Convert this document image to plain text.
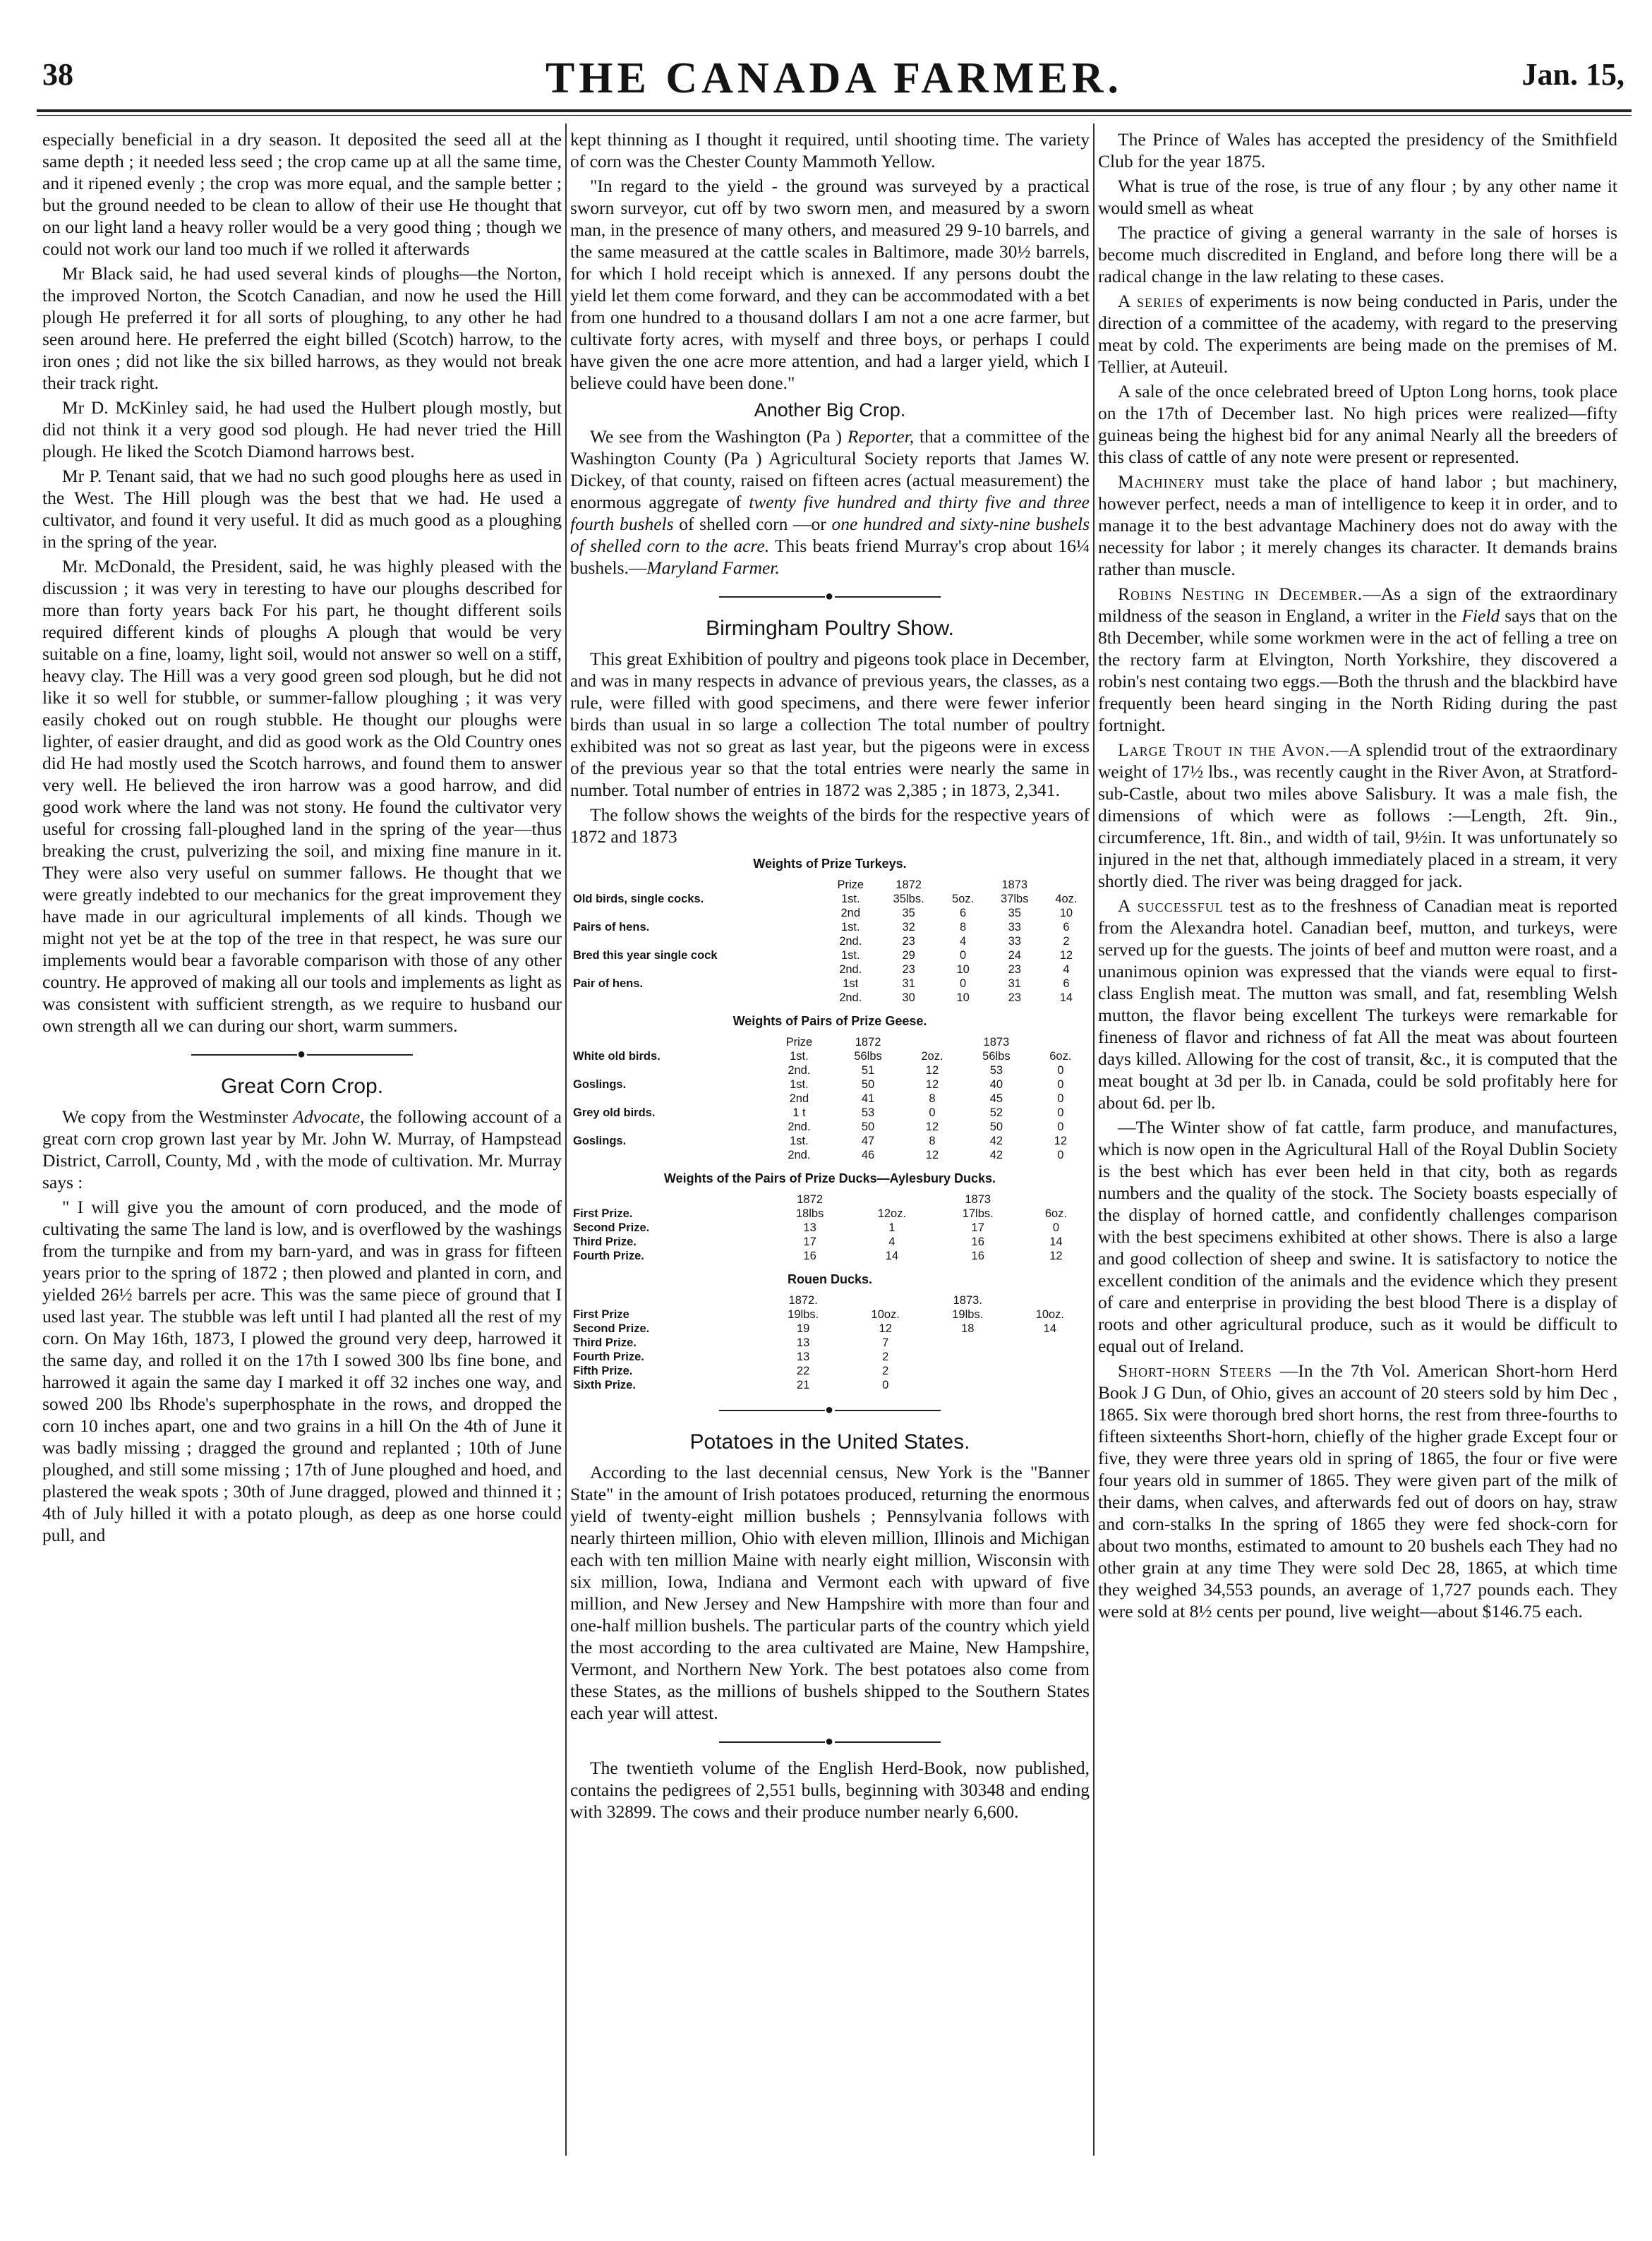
38	THE CANADA FARMER.	Jan. 15,

especially beneficial in a dry season. It deposited the seed all at the same depth ; it needed less seed ; the crop came up at all the same time, and it ripened evenly ; the crop was more equal, and the sample better ; but the ground needed to be clean to allow of their use He thought that on our light land a heavy roller would be a very good thing ; though we could not work our land too much if we rolled it afterwards

Mr Black said, he had used several kinds of ploughs—the Norton, the improved Norton, the Scotch Canadian, and now he used the Hill plough He preferred it for all sorts of ploughing, to any other he had seen around here. He preferred the eight billed (Scotch) harrow, to the iron ones ; did not like the six billed harrows, as they would not break their track right.

Mr D. McKinley said, he had used the Hulbert plough mostly, but did not think it a very good sod plough. He had never tried the Hill plough. He liked the Scotch Diamond harrows best.

Mr P. Tenant said, that we had no such good ploughs here as used in the West. The Hill plough was the best that we had. He used a cultivator, and found it very useful. It did as much good as a ploughing in the spring of the year.

Mr. McDonald, the President, said, he was highly pleased with the discussion ; it was very in teresting to have our ploughs described for more than forty years back For his part, he thought different soils required different kinds of ploughs A plough that would be very suitable on a fine, loamy, light soil, would not answer so well on a stiff, heavy clay. The Hill was a very good green sod plough, but he did not like it so well for stubble, or summer-fallow ploughing ; it was very easily choked out on rough stubble. He thought our ploughs were lighter, of easier draught, and did as good work as the Old Country ones did He had mostly used the Scotch harrows, and found them to answer very well. He believed the iron harrow was a good harrow, and did good work where the land was not stony. He found the cultivator very useful for crossing fall-ploughed land in the spring of the year—thus breaking the crust, pulverizing the soil, and mixing fine manure in it. They were also very useful on summer fallows. He thought that we were greatly indebted to our mechanics for the great improvement they have made in our agricultural implements of all kinds. Though we might not yet be at the top of the tree in that respect, he was sure our implements would bear a favorable comparison with those of any other country. He approved of making all our tools and implements as light as was consistent with sufficient strength, as we require to husband our own strength all we can during our short, warm summers.

●
Great Corn Crop.

We copy from the Westminster Advocate, the following account of a great corn crop grown last year by Mr. John W. Murray, of Hampstead District, Carroll, County, Md , with the mode of cultivation. Mr. Murray says :

" I will give you the amount of corn produced, and the mode of cultivating the same The land is low, and is overflowed by the washings from the turnpike and from my barn-yard, and was in grass for fifteen years prior to the spring of 1872 ; then plowed and planted in corn, and yielded 26½ barrels per acre. This was the same piece of ground that I used last year. The stubble was left until I had planted all the rest of my corn. On May 16th, 1873, I plowed the ground very deep, harrowed it the same day, and rolled it on the 17th I sowed 300 lbs fine bone, and harrowed it again the same day I marked it off 32 inches one way, and sowed 200 lbs Rhode's superphosphate in the rows, and dropped the corn 10 inches apart, one and two grains in a hill On the 4th of June it was badly missing ; dragged the ground and replanted ; 10th of June ploughed, and still some missing ; 17th of June ploughed and hoed, and plastered the weak spots ; 30th of June dragged, plowed and thinned it ; 4th of July hilled it with a potato plough, as deep as one horse could pull, and

kept thinning as I thought it required, until shooting time. The variety of corn was the Chester County Mammoth Yellow.

"In regard to the yield - the ground was surveyed by a practical sworn surveyor, cut off by two sworn men, and measured by a sworn man, in the presence of many others, and measured 29 9-10 barrels, and the same measured at the cattle scales in Baltimore, made 30½ barrels, for which I hold receipt which is annexed. If any persons doubt the yield let them come forward, and they can be accommodated with a bet from one hundred to a thousand dollars I am not a one acre farmer, but cultivate forty acres, with myself and three boys, or perhaps I could have given the one acre more attention, and had a larger yield, which I believe could have been done."

Another Big Crop.

We see from the Washington (Pa ) Reporter, that a committee of the Washington County (Pa ) Agricultural Society reports that James W. Dickey, of that county, raised on fifteen acres (actual measurement) the enormous aggregate of twenty five hundred and thirty five and three fourth bushels of shelled corn —or one hundred and sixty-nine bushels of shelled corn to the acre. This beats friend Murray's crop about 16¼ bushels.—Maryland Farmer.

●
Birmingham Poultry Show.

This great Exhibition of poultry and pigeons took place in December, and was in many respects in advance of previous years, the classes, as a rule, were filled with good specimens, and there were fewer inferior birds than usual in so large a collection The total number of poultry exhibited was not so great as last year, but the pigeons were in excess of the previous year so that the total entries were nearly the same in number. Total number of entries in 1872 was 2,385 ; in 1873, 2,341.

The follow shows the weights of the birds for the respective years of 1872 and 1873

Weights of Prize Turkeys.
	Prize	1872		1873	
Old birds, single cocks.	1st.	35lbs.	5oz.	37lbs	4oz.
	2nd	35	6	35	10
Pairs of hens.	1st.	32	8	33	6
	2nd.	23	4	33	2
Bred this year single cock	1st.	29	0	24	12
	2nd.	23	10	23	4
Pair of hens.	1st	31	0	31	6
	2nd.	30	10	23	14
Weights of Pairs of Prize Geese.
	Prize	1872		1873	
White old birds.	1st.	56lbs	2oz.	56lbs	6oz.
	2nd.	51	12	53	0
Goslings.	1st.	50	12	40	0
	2nd	41	8	45	0
Grey old birds.	1 t	53	0	52	0
	2nd.	50	12	50	0
Goslings.	1st.	47	8	42	12
	2nd.	46	12	42	0
Weights of the Pairs of Prize Ducks—Aylesbury Ducks.
	1872		1873	
First Prize.	18lbs	12oz.	17lbs.	6oz.
Second Prize.	13	1	17	0
Third Prize.	17	4	16	14
Fourth Prize.	16	14	16	12
Rouen Ducks.
	1872.		1873.	
First Prize	19lbs.	10oz.	19lbs.	10oz.
Second Prize.	19	12	18	14
Third Prize.	13	7		
Fourth Prize.	13	2		
Fifth Prize.	22	2		
Sixth Prize.	21	0		
●
Potatoes in the United States.

According to the last decennial census, New York is the "Banner State" in the amount of Irish potatoes produced, returning the enormous yield of twenty-eight million bushels ; Pennsylvania follows with nearly thirteen million, Ohio with eleven million, Illinois and Michigan each with ten million Maine with nearly eight million, Wisconsin with six million, Iowa, Indiana and Vermont each with upward of five million, and New Jersey and New Hampshire with more than four and one-half million bushels. The particular parts of the country which yield the most according to the area cultivated are Maine, New Hampshire, Vermont, and Northern New York. The best potatoes also come from these States, as the millions of bushels shipped to the Southern States each year will attest.

●

The twentieth volume of the English Herd-Book, now published, contains the pedigrees of 2,551 bulls, beginning with 30348 and ending with 32899. The cows and their produce number nearly 6,600.

The Prince of Wales has accepted the presidency of the Smithfield Club for the year 1875.

What is true of the rose, is true of any flour ; by any other name it would smell as wheat

The practice of giving a general warranty in the sale of horses is become much discredited in England, and before long there will be a radical change in the law relating to these cases.

A series of experiments is now being conducted in Paris, under the direction of a committee of the academy, with regard to the preserving meat by cold. The experiments are being made on the premises of M. Tellier, at Auteuil.

A sale of the once celebrated breed of Upton Long horns, took place on the 17th of December last. No high prices were realized—fifty guineas being the highest bid for any animal Nearly all the breeders of this class of cattle of any note were present or represented.

Machinery must take the place of hand labor ; but machinery, however perfect, needs a man of intelligence to keep it in order, and to manage it to the best advantage Machinery does not do away with the necessity for labor ; it merely changes its character. It demands brains rather than muscle.

Robins Nesting in December.—As a sign of the extraordinary mildness of the season in England, a writer in the Field says that on the 8th December, while some workmen were in the act of felling a tree on the rectory farm at Elvington, North Yorkshire, they discovered a robin's nest containg two eggs.—Both the thrush and the blackbird have frequently been heard singing in the North Riding during the past fortnight.

Large Trout in the Avon.—A splendid trout of the extraordinary weight of 17½ lbs., was recently caught in the River Avon, at Stratford-sub-Castle, about two miles above Salisbury. It was a male fish, the dimensions of which were as follows :—Length, 2ft. 9in., circumference, 1ft. 8in., and width of tail, 9½in. It was unfortunately so injured in the net that, although immediately placed in a stream, it very shortly died. The river was being dragged for jack.

A successful test as to the freshness of Canadian meat is reported from the Alexandra hotel. Canadian beef, mutton, and turkeys, were served up for the guests. The joints of beef and mutton were roast, and a unanimous opinion was expressed that the viands were equal to first-class English meat. The mutton was small, and fat, resembling Welsh mutton, the flavor being excellent The turkeys were remarkable for fineness of flavor and richness of fat All the meat was about fourteen days killed. Allowing for the cost of transit, &c., it is computed that the meat bought at 3d per lb. in Canada, could be sold profitably here for about 6d. per lb.

—The Winter show of fat cattle, farm produce, and manufactures, which is now open in the Agricultural Hall of the Royal Dublin Society is the best which has ever been held in that city, both as regards numbers and the quality of the stock. The Society boasts especially of the display of horned cattle, and confidently challenges comparison with the best specimens exhibited at other shows. There is also a large and good collection of sheep and swine. It is satisfactory to notice the excellent condition of the animals and the evidence which they present of care and enterprise in providing the best blood There is a display of roots and other agricultural produce, such as it would be difficult to equal out of Ireland.

Short-horn Steers —In the 7th Vol. American Short-horn Herd Book J G Dun, of Ohio, gives an account of 20 steers sold by him Dec , 1865. Six were thorough bred short horns, the rest from three-fourths to fifteen sixteenths Short-horn, chiefly of the higher grade Except four or five, they were three years old in spring of 1865, the four or five were four years old in summer of 1865. They were given part of the milk of their dams, when calves, and afterwards fed out of doors on hay, straw and corn-stalks In the spring of 1865 they were fed shock-corn for about two months, estimated to amount to 20 bushels each They had no other grain at any time They were sold Dec 28, 1865, at which time they weighed 34,553 pounds, an average of 1,727 pounds each. They were sold at 8½ cents per pound, live weight—about $146.75 each.
